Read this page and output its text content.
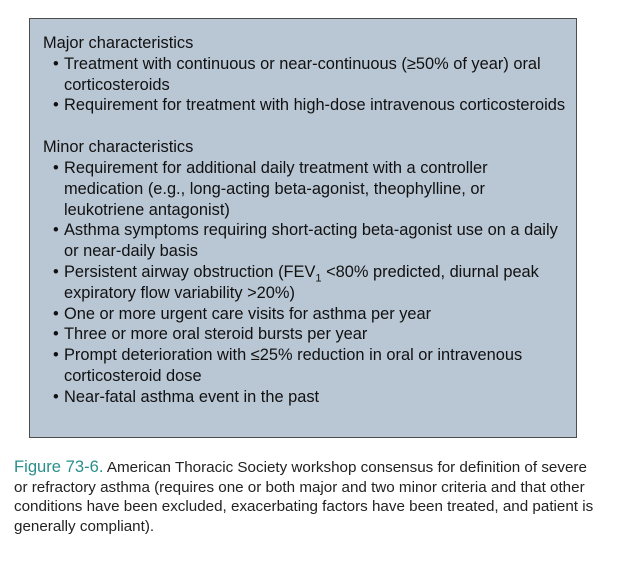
Major characteristics
• Treatment with continuous or near-continuous (≥50% of year) oral corticosteroids
• Requirement for treatment with high-dose intravenous corticosteroids
Minor characteristics
• Requirement for additional daily treatment with a controller medication (e.g., long-acting beta-agonist, theophylline, or leukotriene antagonist)
• Asthma symptoms requiring short-acting beta-agonist use on a daily or near-daily basis
• Persistent airway obstruction ($FEV_1 <80\%$ predicted, diurnal peak expiratory flow variability >20%)
• One or more urgent care visits for asthma per year
• Three or more oral steroid bursts per year
• Prompt deterioration with ≤25% reduction in oral or intravenous corticosteroid dose
• Near-fatal asthma event in the past
Figure 73-6. American Thoracic Society workshop consensus for definition of severe or refractory asthma (requires one or both major and two minor criteria and that other conditions have been excluded, exacerbating factors have been treated, and patient is generally compliant).
